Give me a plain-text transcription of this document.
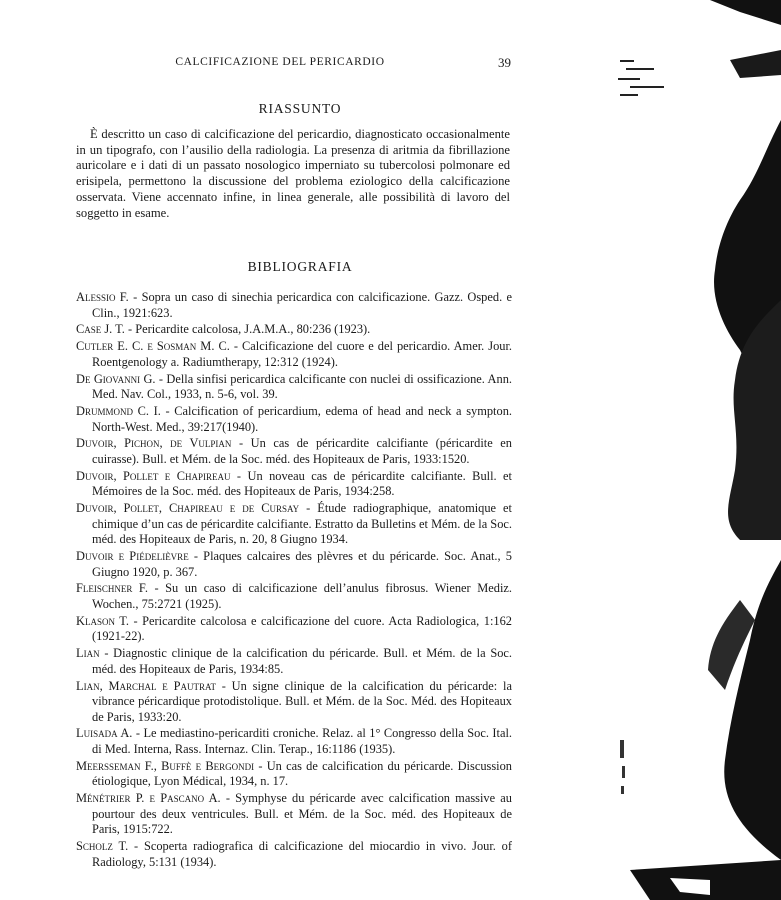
CALCIFICAZIONE DEL PERICARDIO	39
RIASSUNTO

È descritto un caso di calcificazione del pericardio, diagnosticato occasionalmente in un tipografo, con l’ausilio della radiologia. La presenza di aritmia da fibrillazione auricolare e i dati di un passato nosologico imperniato su tubercolosi polmonare ed erisipela, permettono la discussione del problema eziologico della calcificazione osservata. Viene accennato infine, in linea generale, alle possibilità di lavoro del soggetto in esame.

BIBLIOGRAFIA
Alessio F. - Sopra un caso di sinechia pericardica con calcificazione. Gazz. Osped. e Clin., 1921:623.
Case J. T. - Pericardite calcolosa, J.A.M.A., 80:236 (1923).
Cutler E. C. e Sosman M. C. - Calcificazione del cuore e del pericardio. Amer. Jour. Roentgenology a. Radiumtherapy, 12:312 (1924).
De Giovanni G. - Della sinfisi pericardica calcificante con nuclei di ossificazione. Ann. Med. Nav. Col., 1933, n. 5-6, vol. 39.
Drummond C. I. - Calcification of pericardium, edema of head and neck a sympton. North-West. Med., 39:217(1940).
Duvoir, Pichon, de Vulpian - Un cas de péricardite calcifiante (péricardite en cuirasse). Bull. et Mém. de la Soc. méd. des Hopiteaux de Paris, 1933:1520.
Duvoir, Pollet e Chapireau - Un noveau cas de péricardite calcifiante. Bull. et Mémoires de la Soc. méd. des Hopiteaux de Paris, 1934:258.
Duvoir, Pollet, Chapireau e de Cursay - Étude radiographique, anatomique et chimique d’un cas de péricardite calcifiante. Estratto da Bulletins et Mém. de la Soc. méd. des Hopiteaux de Paris, n. 20, 8 Giugno 1934.
Duvoir e Piédelièvre - Plaques calcaires des plèvres et du péricarde. Soc. Anat., 5 Giugno 1920, p. 367.
Fleischner F. - Su un caso di calcificazione dell’anulus fibrosus. Wiener Mediz. Wochen., 75:2721 (1925).
Klason T. - Pericardite calcolosa e calcificazione del cuore. Acta Radiologica, 1:162 (1921-22).
Lian - Diagnostic clinique de la calcification du péricarde. Bull. et Mém. de la Soc. méd. des Hopiteaux de Paris, 1934:85.
Lian, Marchal e Pautrat - Un signe clinique de la calcification du péricarde: la vibrance péricardique protodistolique. Bull. et Mém. de la Soc. Méd. des Hopiteaux de Paris, 1933:20.
Luisada A. - Le mediastino-pericarditi croniche. Relaz. al 1° Congresso della Soc. Ital. di Med. Interna, Rass. Internaz. Clin. Terap., 16:1186 (1935).
Meersseman F., Buffè e Bergondi - Un cas de calcification du péricarde. Discussion étiologique, Lyon Médical, 1934, n. 17.
Ménétrier P. e Pascano A. - Symphyse du péricarde avec calcification massive au pourtour des deux ventricules. Bull. et Mém. de la Soc. méd. des Hopiteaux de Paris, 1915:722.
Scholz T. - Scoperta radiografica di calcificazione del miocardio in vivo. Jour. of Radiology, 5:131 (1934).
